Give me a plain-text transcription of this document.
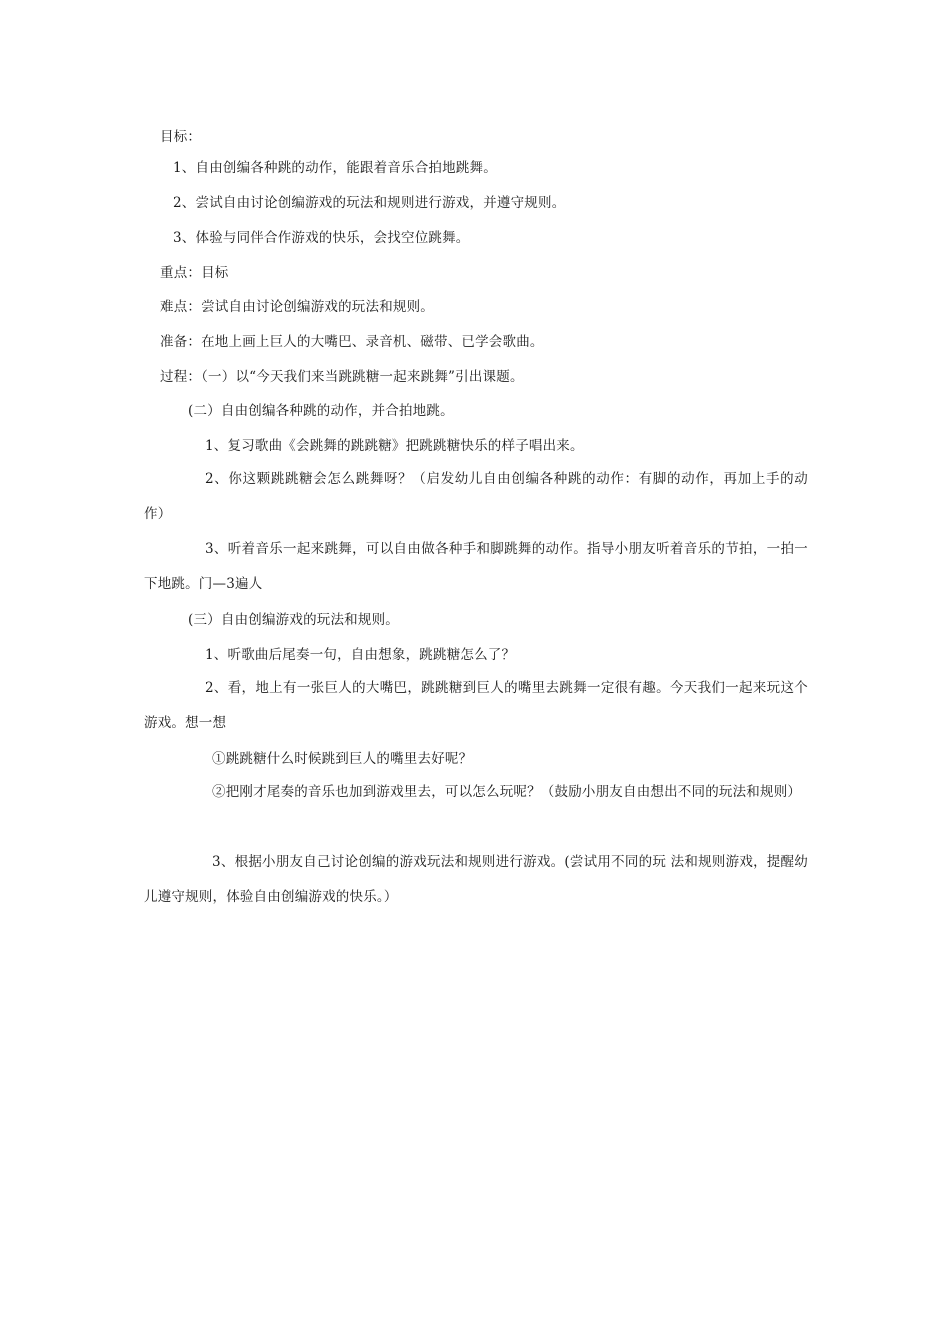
目标：
1、自由创编各种跳的动作，能跟着音乐合拍地跳舞。
2、尝试自由讨论创编游戏的玩法和规则进行游戏，并遵守规则。
3、体验与同伴合作游戏的快乐，会找空位跳舞。
重点：目标
难点：尝试自由讨论创编游戏的玩法和规则。
准备：在地上画上巨人的大嘴巴、录音机、磁带、已学会歌曲。
过程：（一）以“今天我们来当跳跳糖一起来跳舞”引出课题。
(二）自由创编各种跳的动作，并合拍地跳。
1、复习歌曲《会跳舞的跳跳糖》把跳跳糖快乐的样子唱出来。
2、你这颗跳跳糖会怎么跳舞呀？（启发幼儿自由创编各种跳的动作：有脚的动作，再加上手的动作）
3、听着音乐一起来跳舞，可以自由做各种手和脚跳舞的动作。指导小朋友听着音乐的节拍，一拍一下地跳。门—3遍人
(三）自由创编游戏的玩法和规则。
1、听歌曲后尾奏一句，自由想象，跳跳糖怎么了？
2、看，地上有一张巨人的大嘴巴，跳跳糖到巨人的嘴里去跳舞一定很有趣。今天我们一起来玩这个游戏。想一想
①跳跳糖什么时候跳到巨人的嘴里去好呢？
②把刚才尾奏的音乐也加到游戏里去，可以怎么玩呢？（鼓励小朋友自由想出不同的玩法和规则）
3、根据小朋友自己讨论创编的游戏玩法和规则进行游戏。(尝试用不同的玩 法和规则游戏，提醒幼儿遵守规则，体验自由创编游戏的快乐。）
